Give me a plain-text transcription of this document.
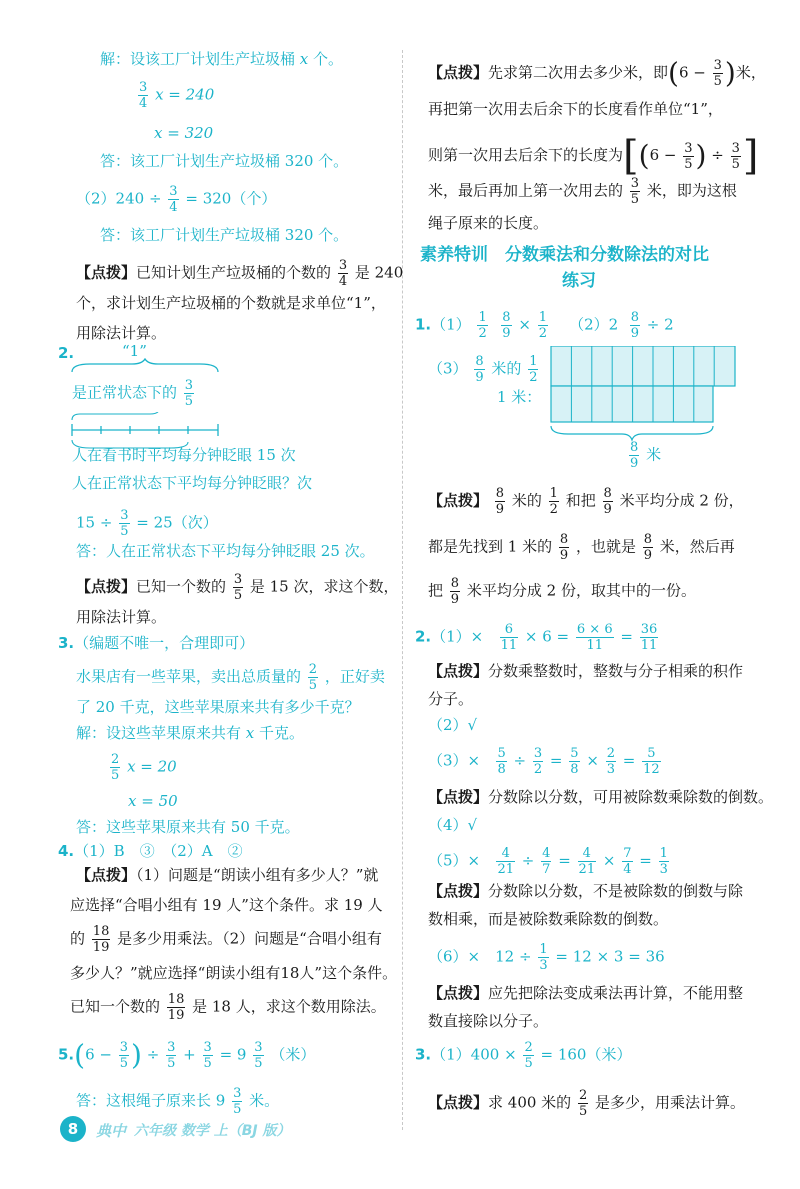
解：设该工厂计划生产垃圾桶 x 个。
$\frac{3}{4}$ x = 240
x = 320
答：该工厂计划生产垃圾桶 320 个。
$(2)240 \div \frac{3}{4} = 320$（个）
答：该工厂计划生产垃圾桶 320 个。
【点拨】已知计划生产垃圾桶的个数的 $\frac{3}{4}$ 是 240
个，求计划生产垃圾桶的个数就是求单位“1”，
用除法计算。
2.	“1”
是正常状态下的 $\frac{3}{5}$
人在看书时平均每分钟眨眼 15 次
人在正常状态下平均每分钟眨眼？次
$15 \div \frac{3}{5} = 25$（次）
答：人在正常状态下平均每分钟眨眼 25 次。
【点拨】已知一个数的 $\frac{3}{5}$ 是 15 次，求这个数，
用除法计算。
3.（编题不唯一，合理即可）
水果店有一些苹果，卖出总质量的 $\frac{2}{5}$ ，正好卖
了 20 千克，这些苹果原来共有多少千克？
解：设这些苹果原来共有 x 千克。
$\frac{2}{5}$ x = 20
x = 50
答：这些苹果原来共有 50 千克。
4.（1）B　③　（2）A　②
【点拨】（1）问题是“朗读小组有多少人？”就
应选择“合唱小组有 19 人”这个条件。求 19 人
的 $\frac{18}{19}$ 是多少用乘法。（2）问题是“合唱小组有
多少人？”就应选择“朗读小组有18人”这个条件。
已知一个数的 $\frac{18}{19}$ 是 18 人，求这个数用除法。
$5.(6 - \frac{3}{5}$ ) ÷ $\frac{3}{5} + \frac{3}{5} = 9 \frac{3}{5}$ （米）
答：这根绳子原来长 $9 \frac{3}{5}$ 米。
8	典中 六年级 数学 上（BJ 版）
【点拨】先求第二次用去多少米，即($6 - \frac{3}{5}$ )米，
再把第一次用去后余下的长度看作单位“1”，
则第一次用去后余下的长度为[($6 - \frac{3}{5}$ ) ÷ $\frac{3}{5}$ ]
米，最后再加上第一次用去的 $\frac{3}{5}$ 米，即为这根
绳子原来的长度。
素养特训　分数乘法和分数除法的对比
练习
$1.(1) \frac{1}{2}$
$\frac{8}{9} \times \frac{1}{2} (2)2 \frac{8}{9} \div 2$
$(3) \frac{8}{9}$ 米的 $\frac{1}{2}$
1 米：
$\frac{8}{9}$ 米
【点拨】 $\frac{8}{9}$ 米的 $\frac{1}{2}$ 和把 $\frac{8}{9}$ 米平均分成 2 份，
都是先找到 1 米的 $\frac{8}{9}$ ，也就是 $\frac{8}{9}$ 米，然后再
把 $\frac{8}{9}$ 米平均分成 2 份，取其中的一份。
$2.(1)\times \frac{6}{11} \times 6 = \frac{6 \times 6}{11} = \frac{36}{11}$
【点拨】分数乘整数时，整数与分子相乘的积作
分子。
（2）√
$(3)\times \frac{5}{8} \div \frac{3}{2} = \frac{5}{8} \times \frac{2}{3} = \frac{5}{12}$
【点拨】分数除以分数，可用被除数乘除数的倒数。
（4）√
$(5)\times \frac{4}{21} \div \frac{4}{7} = \frac{4}{21} \times \frac{7}{4} = \frac{1}{3}$
【点拨】分数除以分数，不是被除数的倒数与除
数相乘，而是被除数乘除数的倒数。
（6）×　$12 \div \frac{1}{3} = 12 \times 3 = 36$
【点拨】应先把除法变成乘法再计算，不能用整
数直接除以分子。
$3.(1)400 \times \frac{2}{5} = 160$（米）
【点拨】求 400 米的 $\frac{2}{5}$ 是多少，用乘法计算。
